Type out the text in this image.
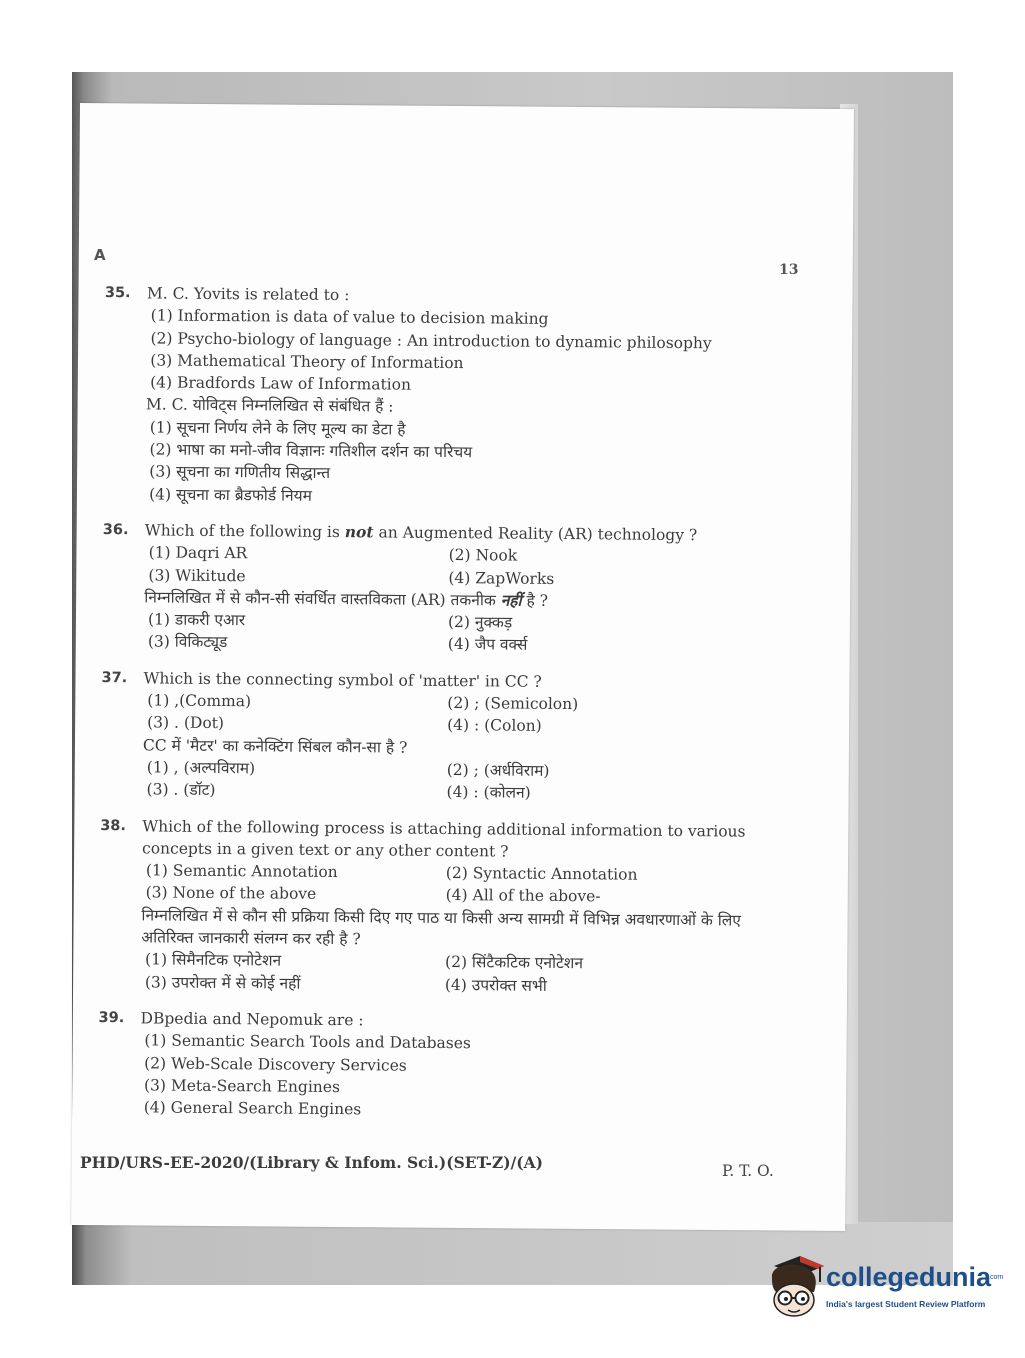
A
13
35.	M. C. Yovits is related to :
(1) Information is data of value to decision making
(2) Psycho-biology of language : An introduction to dynamic philosophy
(3) Mathematical Theory of Information
(4) Bradfords Law of Information
M. C. योविट्स निम्नलिखित से संबंधित हैं :
(1) सूचना निर्णय लेने के लिए मूल्य का डेटा है
(2) भाषा का मनो-जीव विज्ञानः गतिशील दर्शन का परिचय
(3) सूचना का गणितीय सिद्धान्त
(4) सूचना का ब्रैडफोर्ड नियम
36.	Which of the following is not an Augmented Reality (AR) technology ?
(1) Daqri AR	(2) Nook
(3) Wikitude	(4) ZapWorks
निम्नलिखित में से कौन-सी संवर्धित वास्तविकता (AR) तकनीक नहीं है ?
(1) डाकरी एआर	(2) नुक्कड़
(3) विकिट्यूड	(4) जैप वर्क्स
37.	Which is the connecting symbol of 'matter' in CC ?
(1) ,(Comma)	(2) ; (Semicolon)
(3) . (Dot)	(4) : (Colon)
CC में 'मैटर' का कनेक्टिंग सिंबल कौन-सा है ?
(1) , (अल्पविराम)	(2) ; (अर्धविराम)
(3) . (डॉट)	(4) : (कोलन)
38.	Which of the following process is attaching additional information to various concepts in a given text or any other content ?
(1) Semantic Annotation	(2) Syntactic Annotation
(3) None of the above	(4) All of the above-
निम्नलिखित में से कौन सी प्रक्रिया किसी दिए गए पाठ या किसी अन्य सामग्री में विभिन्न अवधारणाओं के लिए अतिरिक्त जानकारी संलग्न कर रही है ?
(1) सिमैनटिक एनोटेशन	(2) सिंटैकटिक एनोटेशन
(3) उपरोक्त में से कोई नहीं	(4) उपरोक्त सभी
39.	DBpedia and Nepomuk are :
(1) Semantic Search Tools and Databases
(2) Web-Scale Discovery Services
(3) Meta-Search Engines
(4) General Search Engines
PHD/URS-EE-2020/(Library & Infom. Sci.)(SET-Z)/(A)	P. T. O.
collegedunia
.com
India's largest Student Review Platform
